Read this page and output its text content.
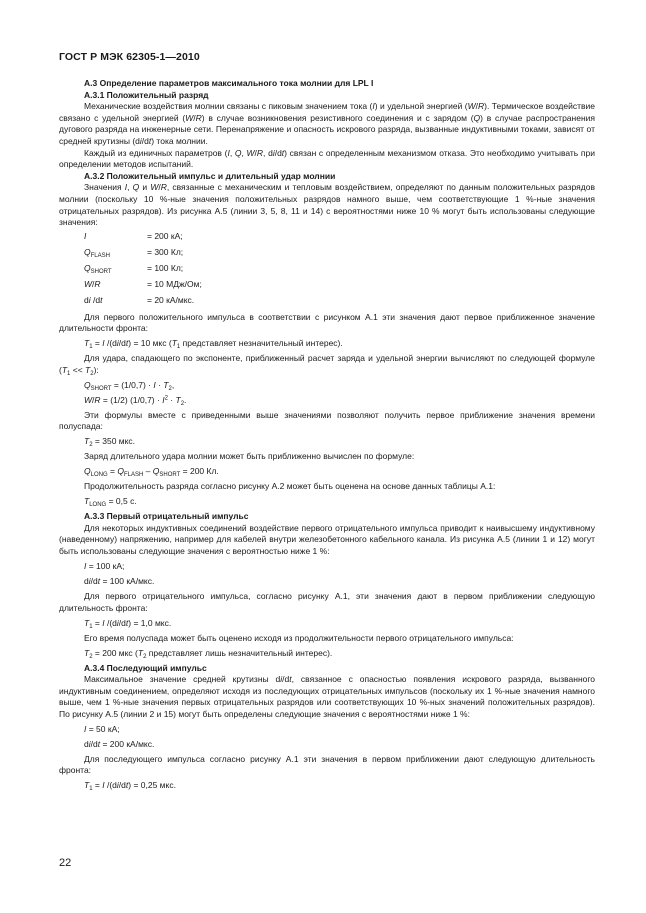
ГОСТ Р МЭК 62305-1—2010

A.3 Определение параметров максимального тока молнии для LPL I

A.3.1 Положительный разряд

Механические воздействия молнии связаны с пиковым значением тока (I) и удельной энергией (W/R). Термическое воздействие связано с удельной энергией (W/R) в случае возникновения резистивного соединения и с зарядом (Q) в случае распространения дугового разряда на инженерные сети. Перенапряжение и опасность искрового разряда, вызванные индуктивными токами, зависят от средней крутизны (di/dt) тока молнии.

Каждый из единичных параметров (I, Q, W/R, di/dt) связан с определенным механизмом отказа. Это необходимо учитывать при определении методов испытаний.

A.3.2 Положительный импульс и длительный удар молнии

Значения I, Q и W/R, связанные с механическим и тепловым воздействием, определяют по данным положительных разрядов молнии (поскольку 10 %-ные значения положительных разрядов намного выше, чем соответствующие 1 %-ные значения отрицательных разрядов). Из рисунка А.5 (линии 3, 5, 8, 11 и 14) с вероятностями ниже 10 % могут быть использованы следующие значения:

I	= 200 кА;

$Q_{FLASH}$	= 300 Кл;

$Q_{SHORT}$	= 100 Кл;

W/R	= 10 МДж/Ом;

di /dt	= 20 кА/мкс.

Для первого положительного импульса в соответствии с рисунком А.1 эти значения дают первое приближенное значение длительности фронта:

$T_1 = I$ /(di/dt) = 10 мкс ($T_1$ представляет незначительный интерес).

Для удара, спадающего по экспоненте, приближенный расчет заряда и удельной энергии вычисляют по следующей формуле $(T_1 << T_2)$:

$Q_{SHORT} = (1/0,7) \cdot I \cdot T_2$,

W/R = (1/2) $(1/0,7) \cdot I^2 \cdot T_2$.

Эти формулы вместе с приведенными выше значениями позволяют получить первое приближение значения времени полуспада:

$T_2 = 350$ мкс.

Заряд длительного удара молнии может быть приближенно вычислен по формуле:

$Q_{LONG} = Q_{FLASH} - Q_{SHORT} = 200$ Кл.

Продолжительность разряда согласно рисунку А.2 может быть оценена на основе данных таблицы А.1:

$T_{LONG} = 0,5$ с.

A.3.3 Первый отрицательный импульс

Для некоторых индуктивных соединений воздействие первого отрицательного импульса приводит к наивысшему индуктивному (наведенному) напряжению, например для кабелей внутри железобетонного кабельного канала. Из рисунка А.5 (линии 1 и 12) могут быть использованы следующие значения с вероятностью ниже 1 %:

I = 100 кА;

di/dt = 100 кА/мкс.

Для первого отрицательного импульса, согласно рисунку А.1, эти значения дают в первом приближении следующую длительность фронта:

$T_1 = I$ /(di/dt) = 1,0 мкс.

Его время полуспада может быть оценено исходя из продолжительности первого отрицательного импульса:

$T_2 = 200$ мкс ($T_2$ представляет лишь незначительный интерес).

A.3.4 Последующий импульс

Максимальное значение средней крутизны di/dt, связанное с опасностью появления искрового разряда, вызванного индуктивным соединением, определяют исходя из последующих отрицательных импульсов (поскольку их 1 %-ные значения намного выше, чем 1 %-ные значения первых отрицательных разрядов или соответствующих 10 %-ных значений положительных разрядов). По рисунку А.5 (линии 2 и 15) могут быть определены следующие значения с вероятностями ниже 1 %:

I = 50 кА;

di/dt = 200 кА/мкс.

Для последующего импульса согласно рисунку А.1 эти значения в первом приближении дают следующую длительность фронта:

$T_1 = I$ /(di/dt) = 0,25 мкс.

22
